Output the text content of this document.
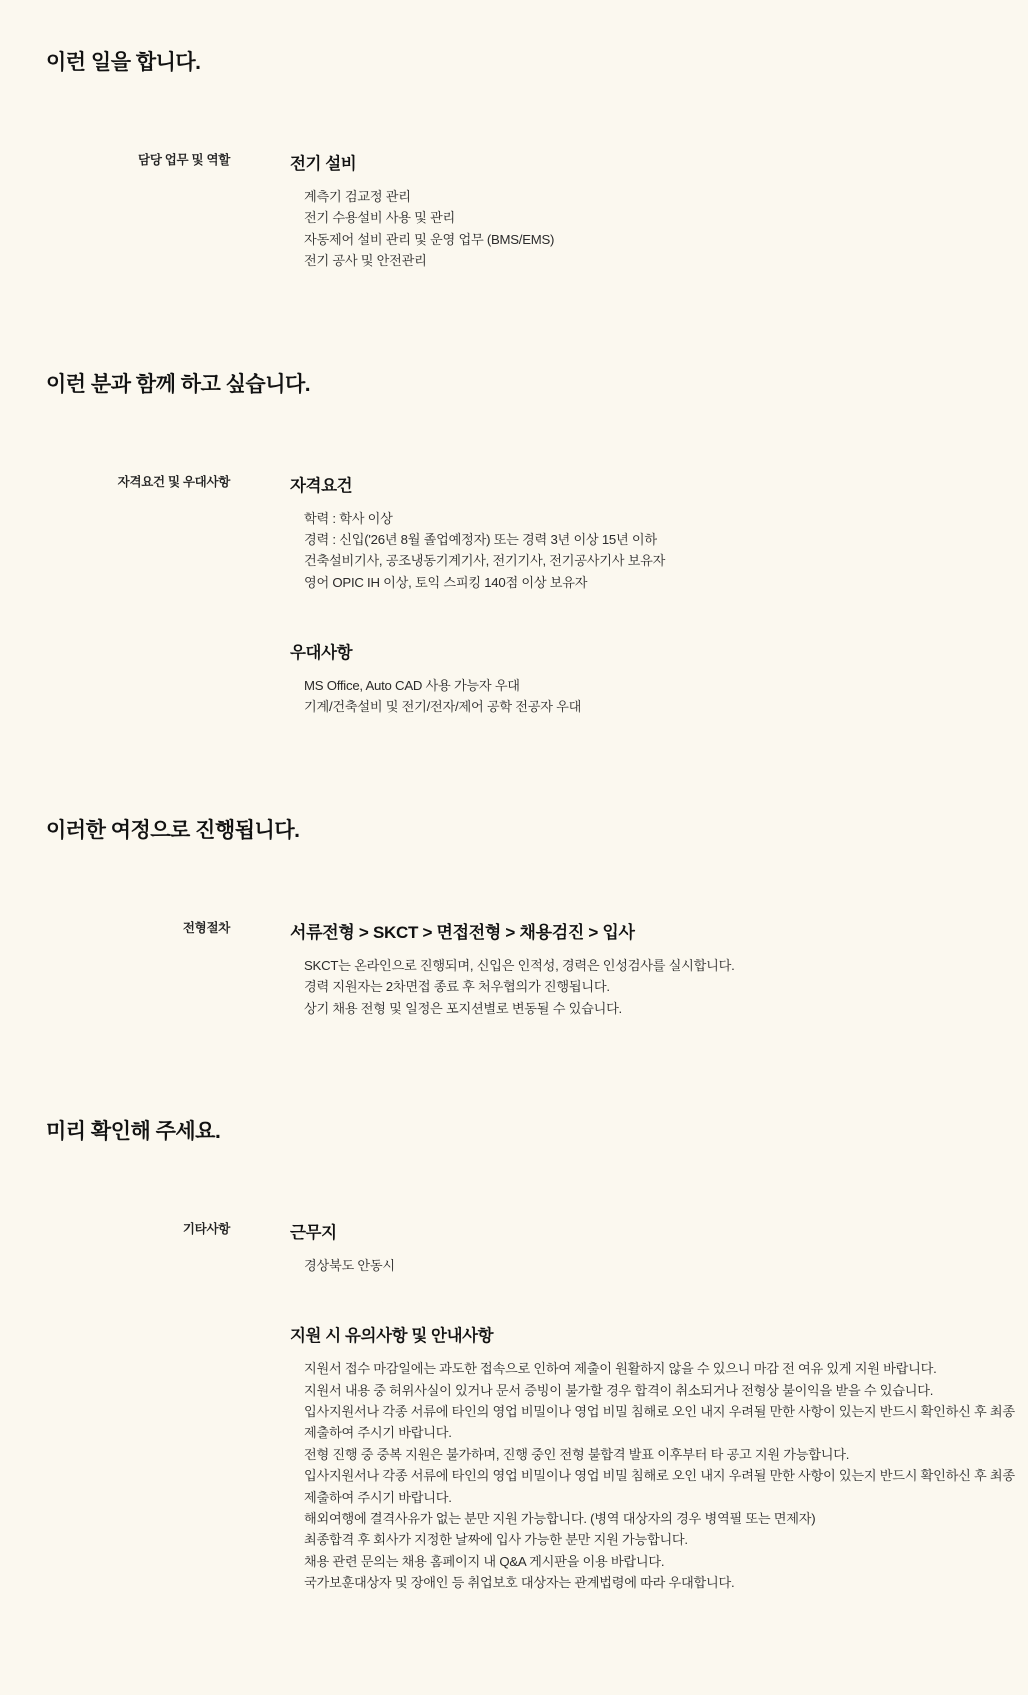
이런 일을 합니다.
담당 업무 및 역할	전기 설비
계측기 검교정 관리
전기 수용설비 사용 및 관리
자동제어 설비 관리 및 운영 업무 (BMS/EMS)
전기 공사 및 안전관리
이런 분과 함께 하고 싶습니다.
자격요건 및 우대사항	자격요건
학력 : 학사 이상
경력 : 신입('26년 8월 졸업예정자) 또는 경력 3년 이상 15년 이하
건축설비기사, 공조냉동기계기사, 전기기사, 전기공사기사 보유자
영어 OPIC IH 이상, 토익 스피킹 140점 이상 보유자
우대사항
MS Office, Auto CAD 사용 가능자 우대
기계/건축설비 및 전기/전자/제어 공학 전공자 우대
이러한 여정으로 진행됩니다.
전형절차	서류전형 > SKCT > 면접전형 > 채용검진 > 입사
SKCT는 온라인으로 진행되며, 신입은 인적성, 경력은 인성검사를 실시합니다.
경력 지원자는 2차면접 종료 후 처우협의가 진행됩니다.
상기 채용 전형 및 일정은 포지션별로 변동될 수 있습니다.
미리 확인해 주세요.
기타사항	근무지
경상북도 안동시
지원 시 유의사항 및 안내사항
지원서 접수 마감일에는 과도한 접속으로 인하여 제출이 원활하지 않을 수 있으니 마감 전 여유 있게 지원 바랍니다.
지원서 내용 중 허위사실이 있거나 문서 증빙이 불가할 경우 합격이 취소되거나 전형상 불이익을 받을 수 있습니다.
입사지원서나 각종 서류에 타인의 영업 비밀이나 영업 비밀 침해로 오인 내지 우려될 만한 사항이 있는지 반드시 확인하신 후 최종 제출하여 주시기 바랍니다.
전형 진행 중 중복 지원은 불가하며, 진행 중인 전형 불합격 발표 이후부터 타 공고 지원 가능합니다.
입사지원서나 각종 서류에 타인의 영업 비밀이나 영업 비밀 침해로 오인 내지 우려될 만한 사항이 있는지 반드시 확인하신 후 최종 제출하여 주시기 바랍니다.
해외여행에 결격사유가 없는 분만 지원 가능합니다. (병역 대상자의 경우 병역필 또는 면제자)
최종합격 후 회사가 지정한 날짜에 입사 가능한 분만 지원 가능합니다.
채용 관련 문의는 채용 홈페이지 내 Q&A 게시판을 이용 바랍니다.
국가보훈대상자 및 장애인 등 취업보호 대상자는 관계법령에 따라 우대합니다.
